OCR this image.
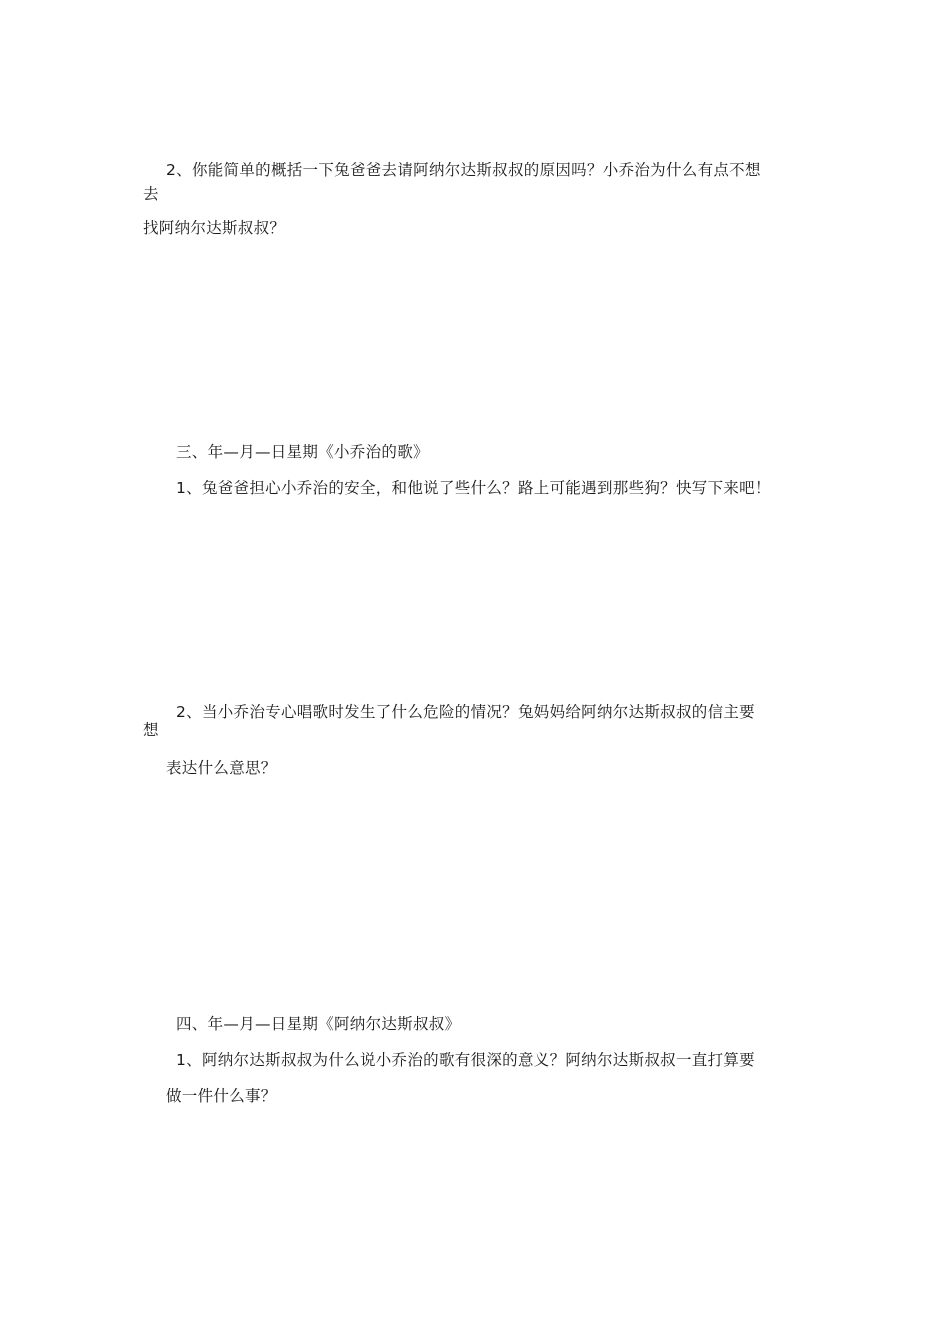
2、你能简单的概括一下兔爸爸去请阿纳尔达斯叔叔的原因吗？小乔治为什么有点不想
去
找阿纳尔达斯叔叔？
三、年—月—日星期《小乔治的歌》
1、兔爸爸担心小乔治的安全，和他说了些什么？路上可能遇到那些狗？快写下来吧！
2、当小乔治专心唱歌时发生了什么危险的情况？兔妈妈给阿纳尔达斯叔叔的信主要
想
表达什么意思？
四、年—月—日星期《阿纳尔达斯叔叔》
1、阿纳尔达斯叔叔为什么说小乔治的歌有很深的意义？阿纳尔达斯叔叔一直打算要
做一件什么事？
